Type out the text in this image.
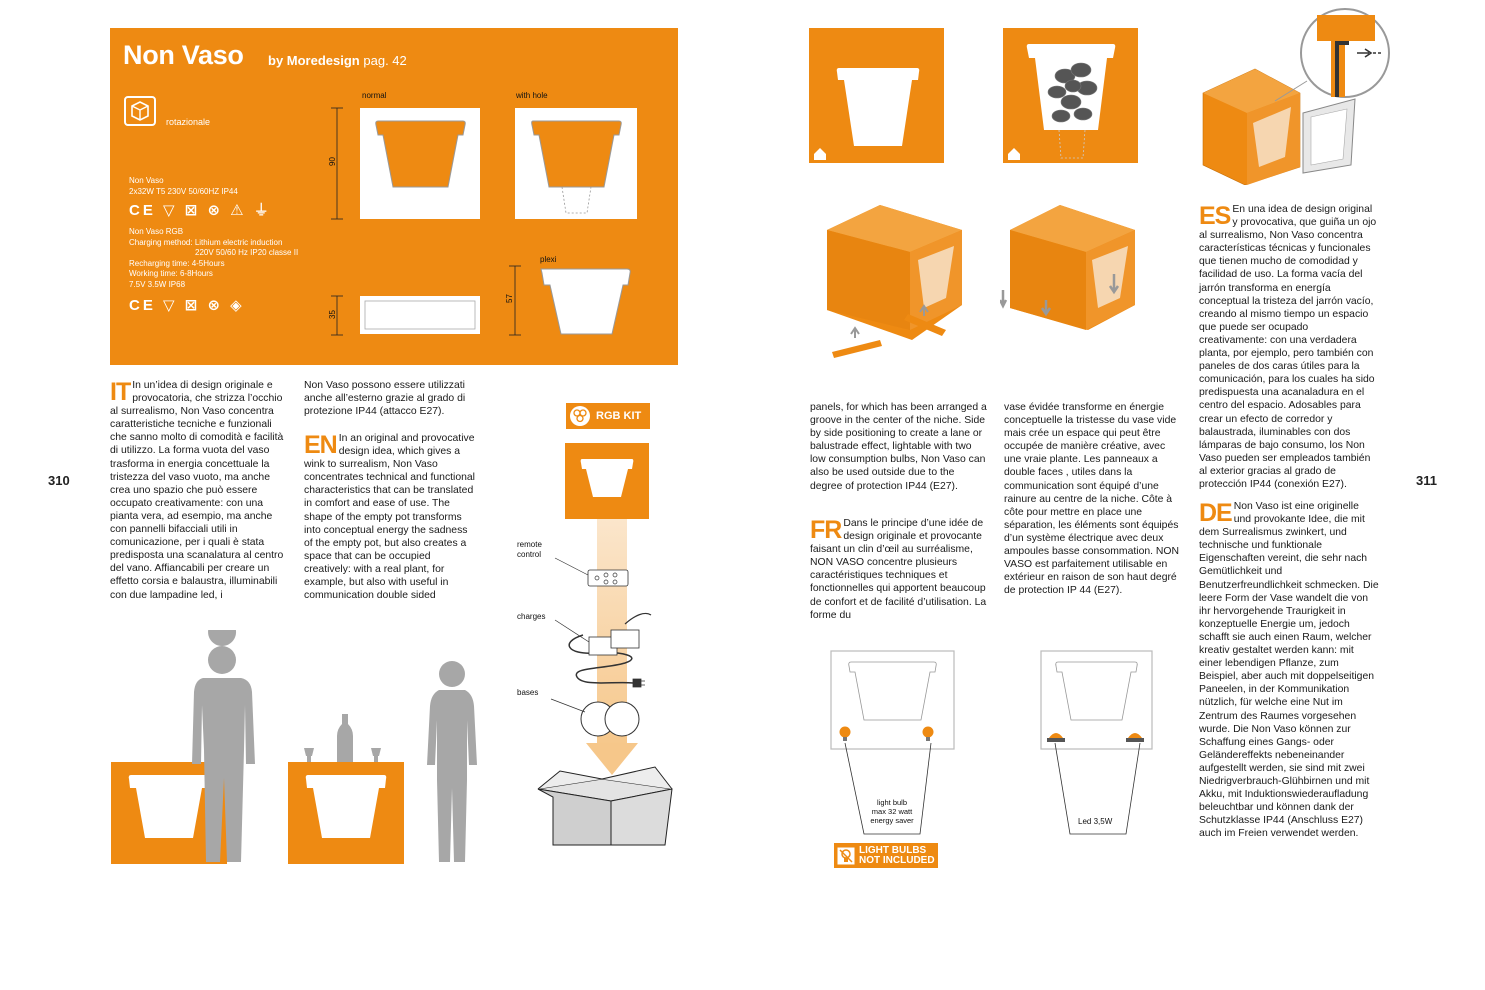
Non Vaso by Moredesign pag. 42
rotazionale
Non Vaso
2x32W T5 230V 50/60HZ IP44
CE ▽ ⊠ ⊗ ⚠ ⏚
Non Vaso RGB
Charging method: Lithium electric induction
220V 50/60 Hz IP20 classe II
Recharging time: 4-5Hours
Working time: 6-8Hours
7.5V 3.5W IP68
CE ▽ ⊠ ⊗ ◈
normal	with hole
plexi
90
35
57
310	311
IT In un’idea di design originale e provocatoria, che strizza l’occhio al surrealismo, Non Vaso concentra caratteristiche tecniche e funzionali che sanno molto di comodità e facilità di utilizzo. La forma vuota del vaso trasforma in energia concettuale la tristezza del vaso vuoto, ma anche crea uno spazio che può essere occupato creativamente: con una pianta vera, ad esempio, ma anche con pannelli bifacciali utili in comunicazione, per i quali è stata predisposta una scanalatura al centro del vano. Affiancabili per creare un effetto corsia e balaustra, illuminabili con due lampadine led, i
Non Vaso possono essere utilizzati anche all’esterno grazie al grado di protezione IP44 (attacco E27).
EN In an original and provocative design idea, which gives a wink to surrealism, Non Vaso concentrates technical and functional characteristics that can be translated in comfort and ease of use. The shape of the empty pot transforms into conceptual energy the sadness of the empty pot, but also creates a space that can be occupied creatively: with a real plant, for example, but also with useful in communication double sided
RGB KIT
remote
control
charges
bases
panels, for which has been arranged a groove in the center of the niche. Side by side positioning to create a lane or balustrade effect, lightable with two low consumption bulbs, Non Vaso can also be used outside due to the degree of protection IP44 (E27).
FR Dans le principe d’une idée de design originale et provocante faisant un clin d’œil au surréalisme, NON VASO concentre plusieurs caractéristiques techniques et fonctionnelles qui apportent beaucoup de confort et de facilité d’utilisation. La forme du
vase évidée transforme en énergie conceptuelle la tristesse du vase vide mais crée un espace qui peut être occupée de manière créative, avec une vraie plante. Les panneaux a double faces , utiles dans la communication sont équipé d’une rainure au centre de la niche. Côte à côte pour mettre en place une séparation, les éléments sont équipés d’un système électrique avec deux ampoules basse consommation. NON VASO est parfaitement utilisable en extérieur en raison de son haut degré de protection IP 44 (E27).
ES En una idea de design original y provocativa, que guiña un ojo al surrealismo, Non Vaso concentra características técnicas y funcionales que tienen mucho de comodidad y facilidad de uso. La forma vacía del jarrón transforma en energía conceptual la tristeza del jarrón vacío, creando al mismo tiempo un espacio que puede ser ocupado creativamente: con una verdadera planta, por ejemplo, pero también con paneles de dos caras útiles para la comunicación, para los cuales ha sido predispuesta una acanaladura en el centro del espacio. Adosables para crear un efecto de corredor y balaustrada, iluminables con dos lámparas de bajo consumo, los Non Vaso pueden ser empleados también al exterior gracias al grado de protección IP44 (conexión E27).
DE Non Vaso ist eine originelle und provokante Idee, die mit dem Surrealismus zwinkert, und technische und funktionale Eigenschaften vereint, die sehr nach Gemütlichkeit und Benutzerfreundlichkeit schmecken. Die leere Form der Vase wandelt die von ihr hervorgehende Traurigkeit in konzeptuelle Energie um, jedoch schafft sie auch einen Raum, welcher kreativ gestaltet werden kann: mit einer lebendigen Pflanze, zum Beispiel, aber auch mit doppelseitigen Paneelen, in der Kommunikation nützlich, für welche eine Nut im Zentrum des Raumes vorgesehen wurde. Die Non Vaso können zur Schaffung eines Gangs- oder Geländereffekts nebeneinander aufgestellt werden, sie sind mit zwei Niedrigverbrauch-Glühbirnen und mit Akku, mit Induktionswiederaufladung beleuchtbar und können dank der Schutzklasse IP44 (Anschluss E27) auch im Freien verwendet werden.
light bulb
max 32 watt
energy saver	Led 3,5W
LIGHT BULBS
NOT INCLUDED
